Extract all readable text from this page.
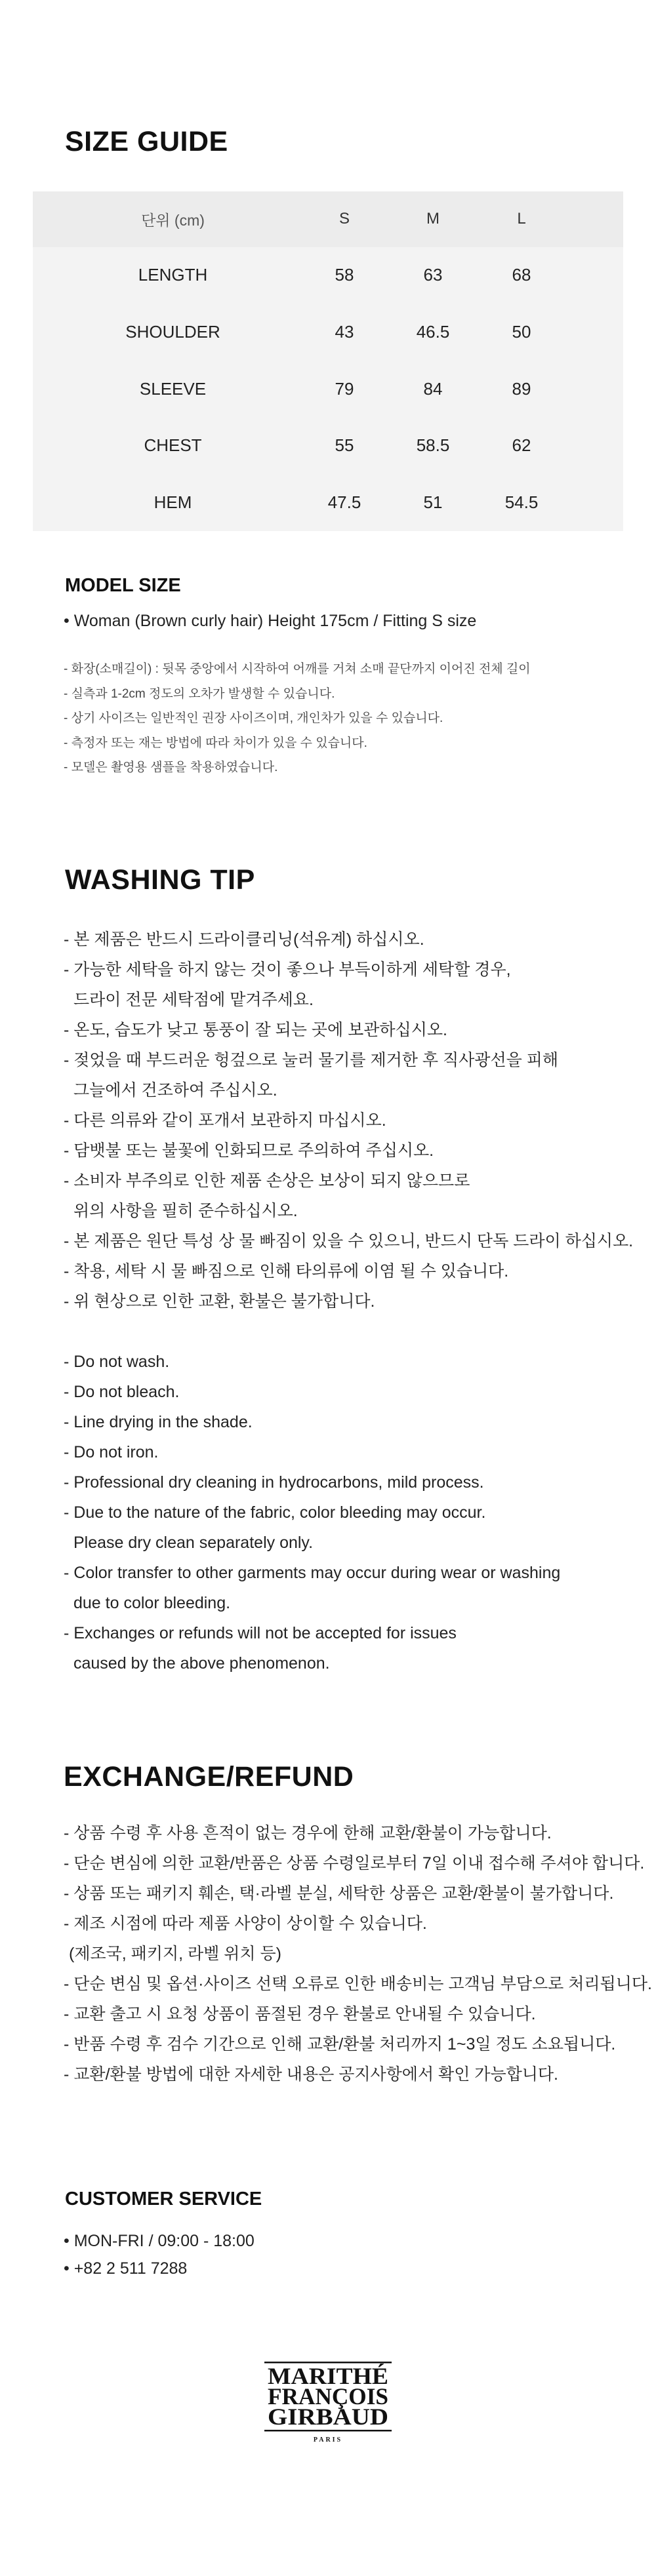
SIZE GUIDE
단위 (cm)	S	M	L	
LENGTH	58	63	68	
SHOULDER	43	46.5	50	
SLEEVE	79	84	89	
CHEST	55	58.5	62	
HEM	47.5	51	54.5	
MODEL SIZE
• Woman (Brown curly hair) Height 175cm / Fitting S size
- 화장(소매길이) : 뒷목 중앙에서 시작하여 어깨를 거쳐 소매 끝단까지 이어진 전체 길이
- 실측과 1-2cm 정도의 오차가 발생할 수 있습니다.
- 상기 사이즈는 일반적인 권장 사이즈이며, 개인차가 있을 수 있습니다.
- 측정자 또는 재는 방법에 따라 차이가 있을 수 있습니다.
- 모델은 촬영용 샘플을 착용하였습니다.
WASHING TIP
- 본 제품은 반드시 드라이클리닝(석유계) 하십시오.
- 가능한 세탁을 하지 않는 것이 좋으나 부득이하게 세탁할 경우,
드라이 전문 세탁점에 맡겨주세요.
- 온도, 습도가 낮고 통풍이 잘 되는 곳에 보관하십시오.
- 젖었을 때 부드러운 헝겊으로 눌러 물기를 제거한 후 직사광선을 피해
그늘에서 건조하여 주십시오.
- 다른 의류와 같이 포개서 보관하지 마십시오.
- 담뱃불 또는 불꽃에 인화되므로 주의하여 주십시오.
- 소비자 부주의로 인한 제품 손상은 보상이 되지 않으므로
위의 사항을 필히 준수하십시오.
- 본 제품은 원단 특성 상 물 빠짐이 있을 수 있으니, 반드시 단독 드라이 하십시오.
- 착용, 세탁 시 물 빠짐으로 인해 타의류에 이염 될 수 있습니다.
- 위 현상으로 인한 교환, 환불은 불가합니다.
- Do not wash.
- Do not bleach.
- Line drying in the shade.
- Do not iron.
- Professional dry cleaning in hydrocarbons, mild process.
- Due to the nature of the fabric, color bleeding may occur.
Please dry clean separately only.
- Color transfer to other garments may occur during wear or washing
due to color bleeding.
- Exchanges or refunds will not be accepted for issues
caused by the above phenomenon.
EXCHANGE/REFUND
- 상품 수령 후 사용 흔적이 없는 경우에 한해 교환/환불이 가능합니다.
- 단순 변심에 의한 교환/반품은 상품 수령일로부터 7일 이내 접수해 주셔야 합니다.
- 상품 또는 패키지 훼손, 택·라벨 분실, 세탁한 상품은 교환/환불이 불가합니다.
- 제조 시점에 따라 제품 사양이 상이할 수 있습니다.
(제조국, 패키지, 라벨 위치 등)
- 단순 변심 및 옵션·사이즈 선택 오류로 인한 배송비는 고객님 부담으로 처리됩니다.
- 교환 출고 시 요청 상품이 품절된 경우 환불로 안내될 수 있습니다.
- 반품 수령 후 검수 기간으로 인해 교환/환불 처리까지 1~3일 정도 소요됩니다.
- 교환/환불 방법에 대한 자세한 내용은 공지사항에서 확인 가능합니다.
CUSTOMER SERVICE
• MON-FRI / 09:00 - 18:00
• +82 2 511 7288
MARITHÉ
FRANÇOIS
GIRBAUD
PARIS
